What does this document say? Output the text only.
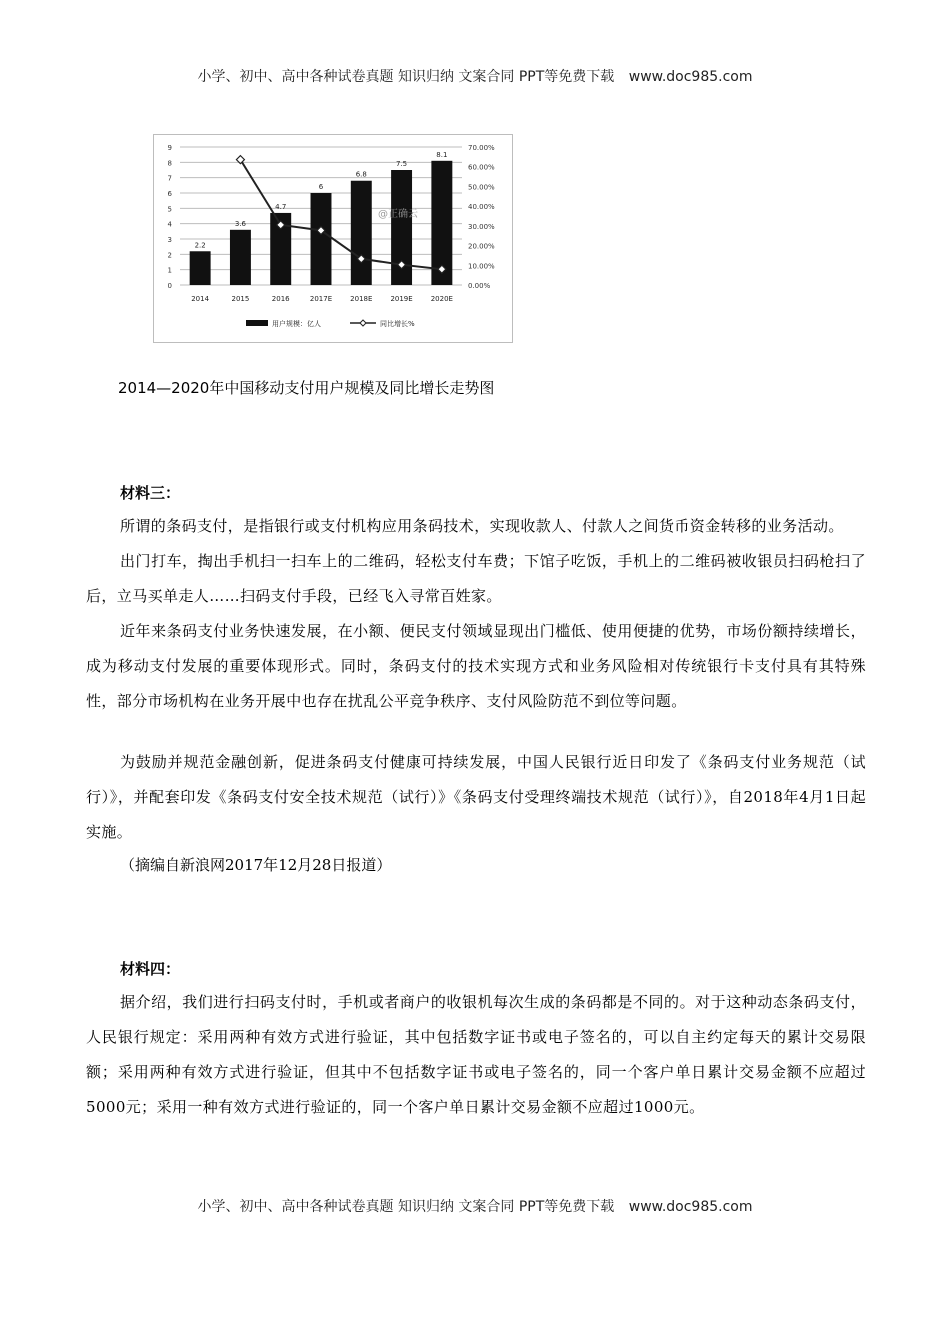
小学、初中、高中各种试卷真题 知识归纳 文案合同 PPT等免费下载 www.doc985.com
0
1
2
3
4
5
6
7
8
9
0.00%
10.00%
20.00%
30.00%
40.00%
50.00%
60.00%
70.00%
2.2
2014
3.6
2015
4.7
2016
6
2017E
6.8
2018E
7.5
2019E
8.1
2020E
@正确云
用户规模：亿人	同比增长%
2014—2020年中国移动支付用户规模及同比增长走势图
材料三：

所谓的条码支付，是指银行或支付机构应用条码技术，实现收款人、付款人之间货币资金转移的业务活动。

出门打车，掏出手机扫一扫车上的二维码，轻松支付车费；下馆子吃饭，手机上的二维码被收银员扫码枪扫了后，立马买单走人……扫码支付手段，已经飞入寻常百姓家。

近年来条码支付业务快速发展，在小额、便民支付领域显现出门槛低、使用便捷的优势，市场份额持续增长，成为移动支付发展的重要体现形式。同时，条码支付的技术实现方式和业务风险相对传统银行卡支付具有其特殊性，部分市场机构在业务开展中也存在扰乱公平竞争秩序、支付风险防范不到位等问题。

为鼓励并规范金融创新，促进条码支付健康可持续发展，中国人民银行近日印发了《条码支付业务规范（试行）》，并配套印发《条码支付安全技术规范（试行）》《条码支付受理终端技术规范（试行）》，自2018年4月1日起实施。

（摘编自新浪网2017年12月28日报道）
材料四：

据介绍，我们进行扫码支付时，手机或者商户的收银机每次生成的条码都是不同的。对于这种动态条码支付，人民银行规定：采用两种有效方式进行验证，其中包括数字证书或电子签名的，可以自主约定每天的累计交易限额；采用两种有效方式进行验证，但其中不包括数字证书或电子签名的，同一个客户单日累计交易金额不应超过5000元；采用一种有效方式进行验证的，同一个客户单日累计交易金额不应超过1000元。

小学、初中、高中各种试卷真题 知识归纳 文案合同 PPT等免费下载 www.doc985.com
